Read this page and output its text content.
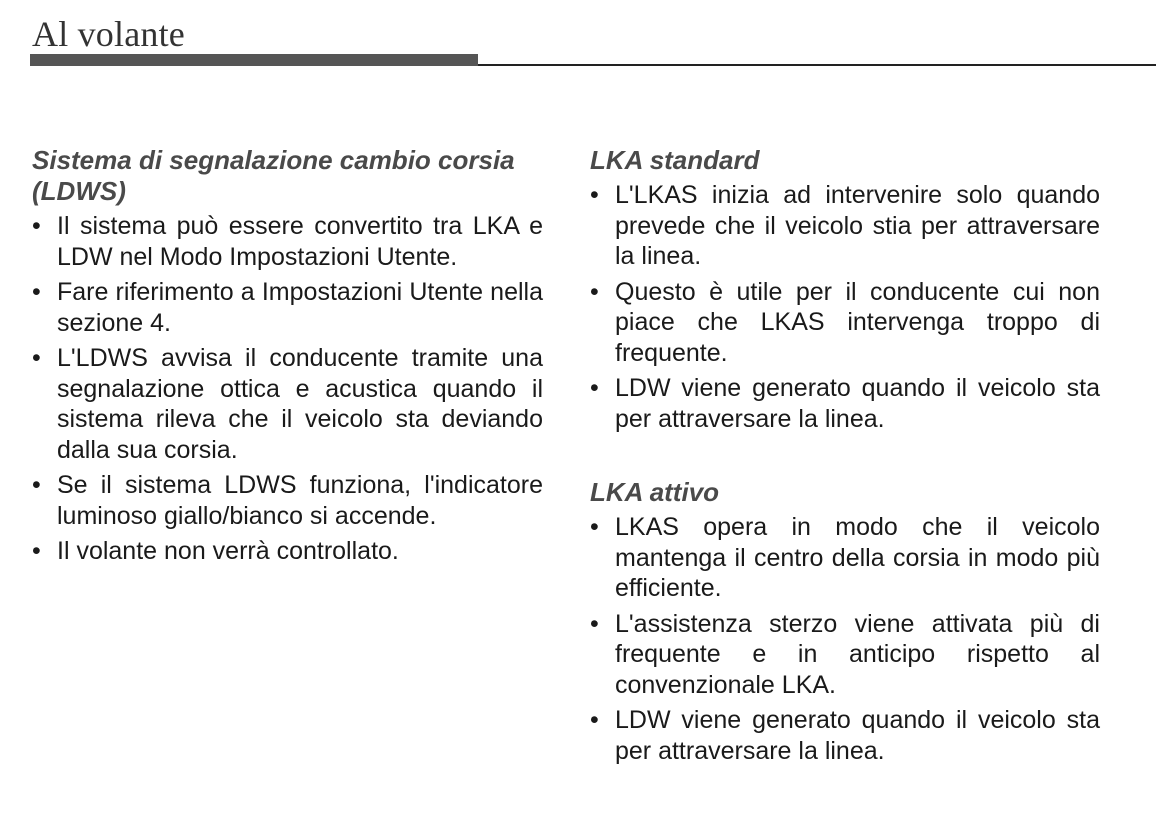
Al volante
Sistema di segnalazione cambio corsia (LDWS)
• Il sistema può essere convertito tra LKA e LDW nel Modo Impostazioni Utente.
• Fare riferimento a Impostazioni Utente nella sezione 4.
• L'LDWS avvisa il conducente tramite una segnalazione ottica e acustica quando il sistema rileva che il veicolo sta deviando dalla sua corsia.
• Se il sistema LDWS funziona, l'indicatore luminoso giallo/bianco si accende.
• Il volante non verrà controllato.
LKA standard
• L'LKAS inizia ad intervenire solo quando prevede che il veicolo stia per attraversare la linea.
• Questo è utile per il conducente cui non piace che LKAS intervenga troppo di frequente.
• LDW viene generato quando il veicolo sta per attraversare la linea.
LKA attivo
• LKAS opera in modo che il veicolo mantenga il centro della corsia in modo più efficiente.
• L'assistenza sterzo viene attivata più di frequente e in anticipo rispetto al convenzionale LKA.
• LDW viene generato quando il veicolo sta per attraversare la linea.
